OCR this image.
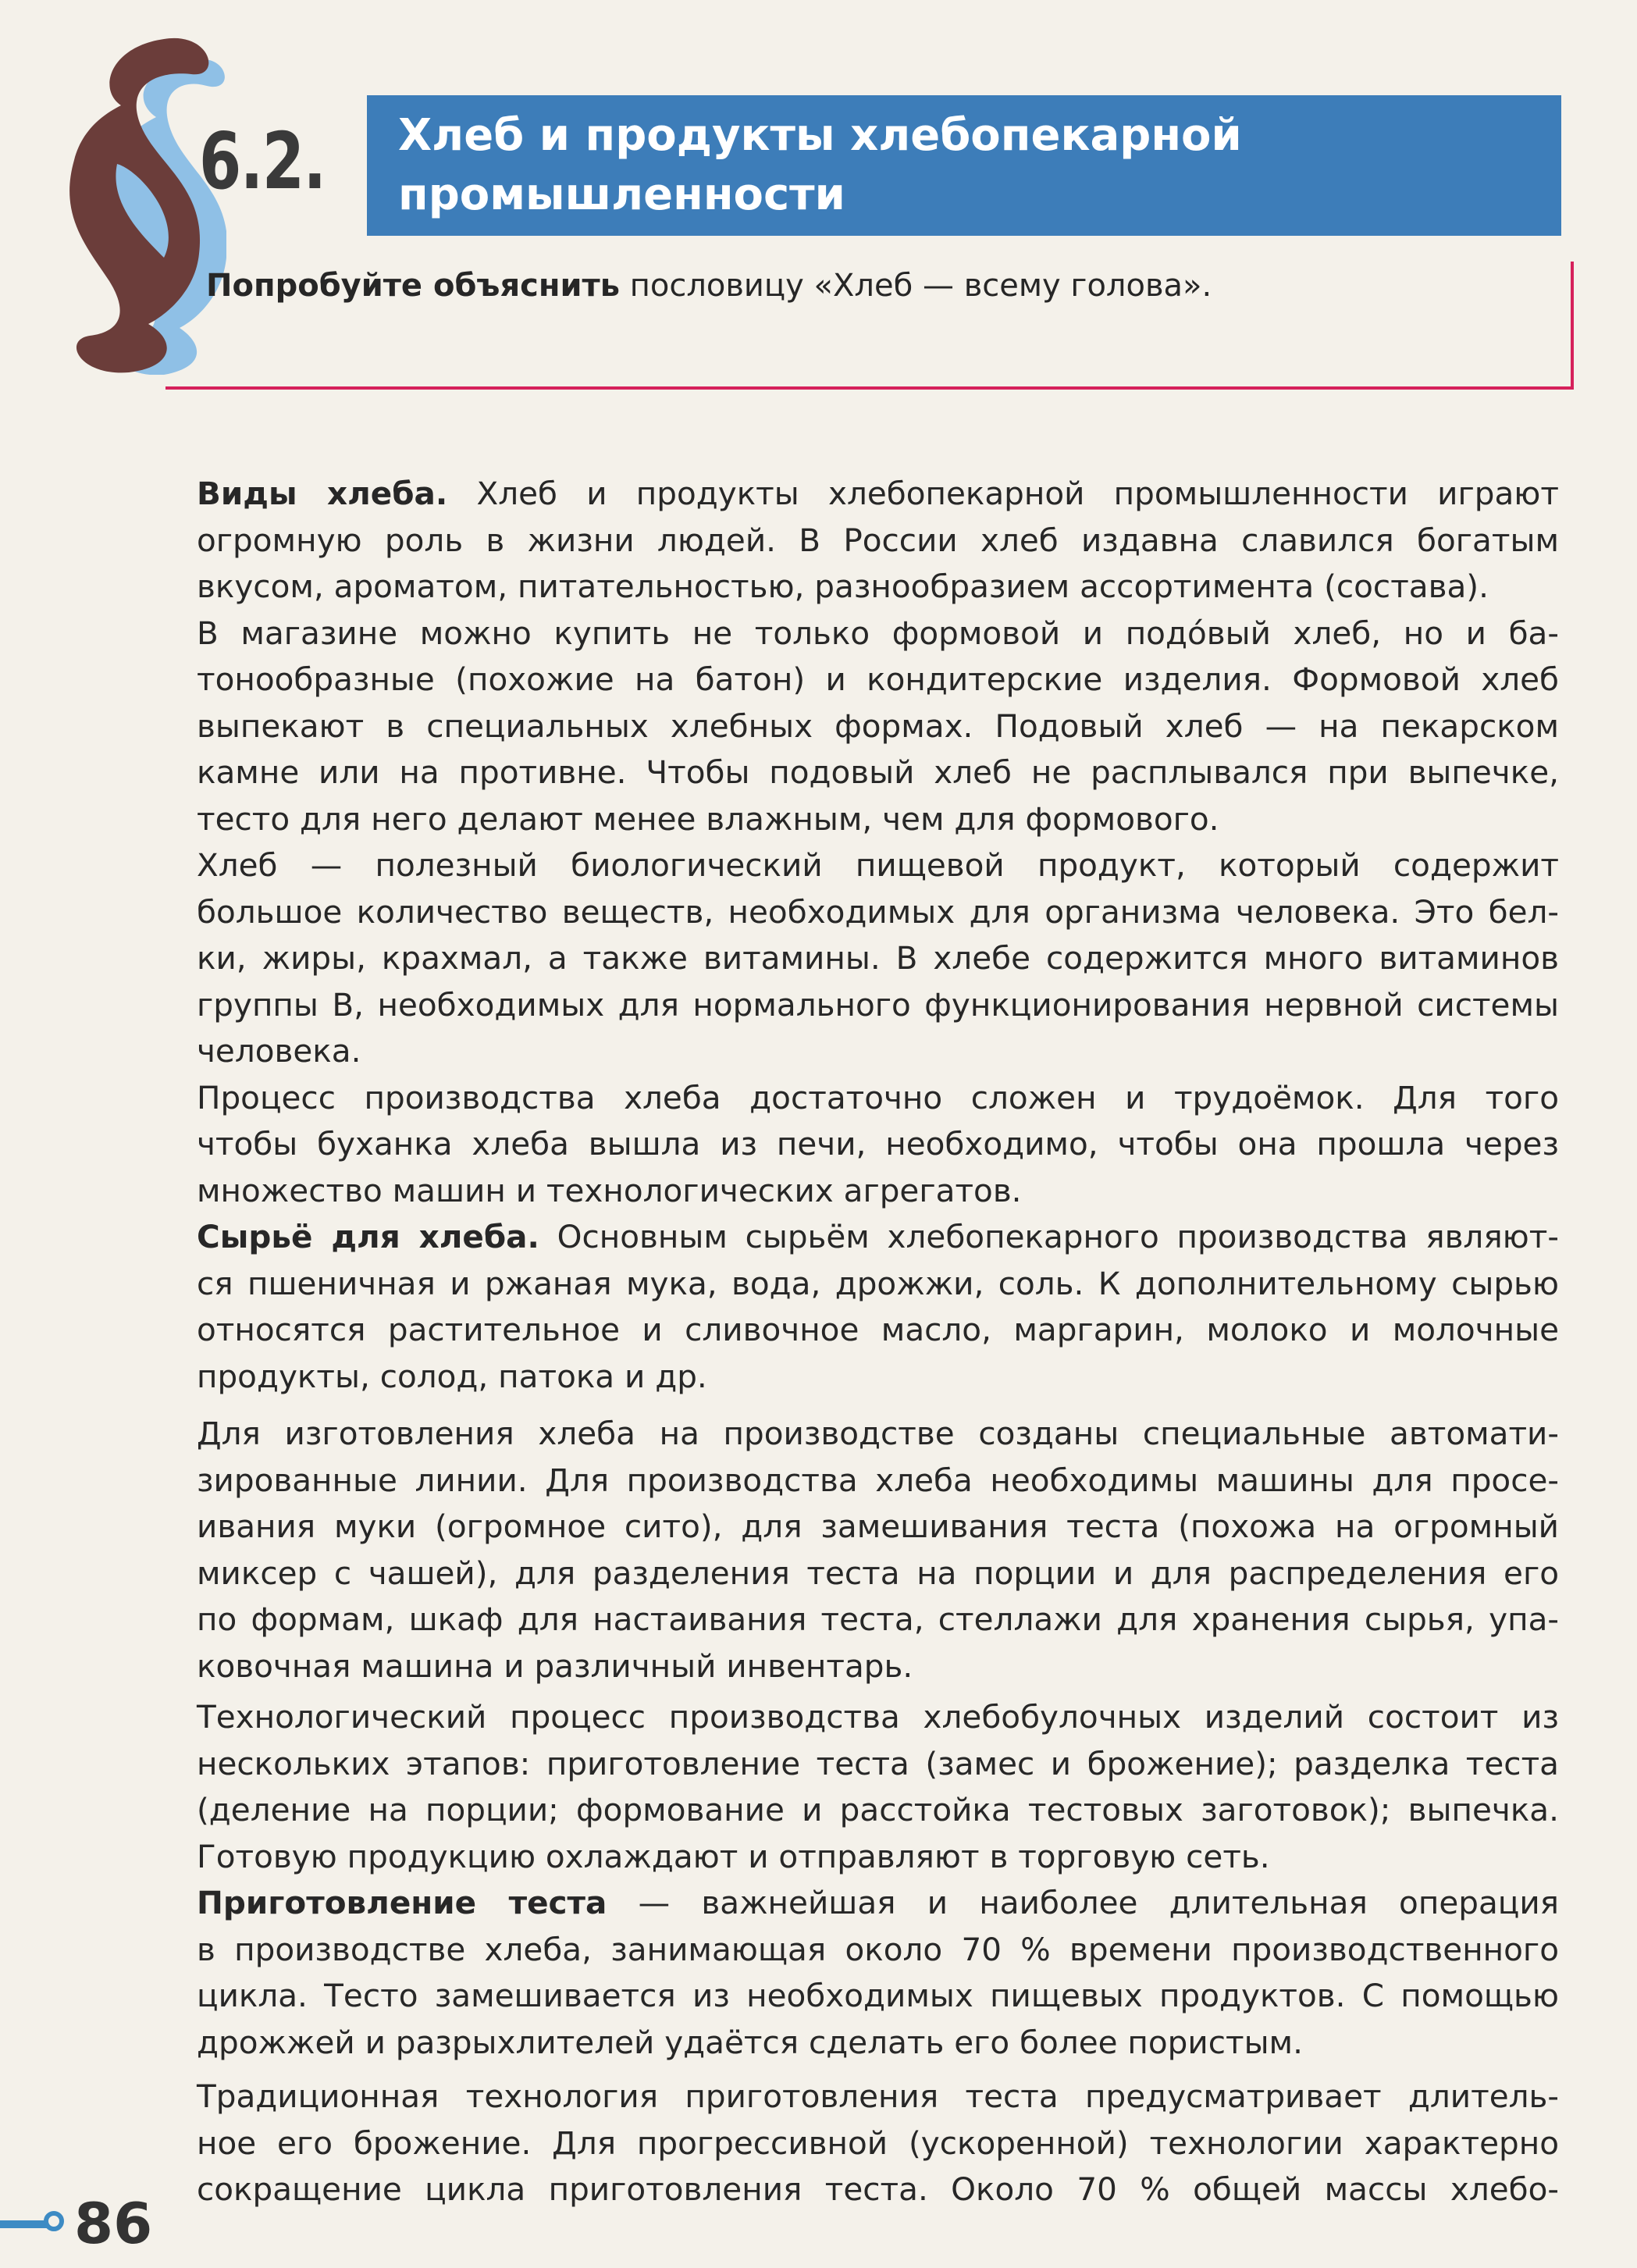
6.2. Хлеб и продукты хлебопекарной
промышленности
Попробуйте объяснить пословицу «Хлеб — всему голова».
Виды хлеба. Хлеб и продукты хлебопекарной промышленности играют
огромную роль в жизни людей. В России хлеб издавна славился богатым
вкусом, ароматом, питательностью, разнообразием ассортимента (состава).
В магазине можно купить не только формовой и подóвый хлеб, но и ба-
тонообразные (похожие на батон) и кондитерские изделия. Формовой хлеб
выпекают в специальных хлебных формах. Подовый хлеб — на пекарском
камне или на противне. Чтобы подовый хлеб не расплывался при выпечке,
тесто для него делают менее влажным, чем для формового.
Хлеб — полезный биологический пищевой продукт, который содержит
большое количество веществ, необходимых для организма человека. Это бел-
ки, жиры, крахмал, а также витамины. В хлебе содержится много витаминов
группы В, необходимых для нормального функционирования нервной системы
человека.
Процесс производства хлеба достаточно сложен и трудоёмок. Для того
чтобы буханка хлеба вышла из печи, необходимо, чтобы она прошла через
множество машин и технологических агрегатов.
Сырьё для хлеба. Основным сырьём хлебопекарного производства являют-
ся пшеничная и ржаная мука, вода, дрожжи, соль. К дополнительному сырью
относятся растительное и сливочное масло, маргарин, молоко и молочные
продукты, солод, патока и др.
Для изготовления хлеба на производстве созданы специальные автомати-
зированные линии. Для производства хлеба необходимы машины для просе-
ивания муки (огромное сито), для замешивания теста (похожа на огромный
миксер с чашей), для разделения теста на порции и для распределения его
по формам, шкаф для настаивания теста, стеллажи для хранения сырья, упа-
ковочная машина и различный инвентарь.
Технологический процесс производства хлебобулочных изделий состоит из
нескольких этапов: приготовление теста (замес и брожение); разделка теста
(деление на порции; формование и расстойка тестовых заготовок); выпечка.
Готовую продукцию охлаждают и отправляют в торговую сеть.
Приготовление теста — важнейшая и наиболее длительная операция
в производстве хлеба, занимающая около 70 % времени производственного
цикла. Тесто замешивается из необходимых пищевых продуктов. С помощью
дрожжей и разрыхлителей удаётся сделать его более пористым.
Традиционная технология приготовления теста предусматривает длитель-
ное его брожение. Для прогрессивной (ускоренной) технологии характерно
сокращение цикла приготовления теста. Около 70 % общей массы хлебо-
86
